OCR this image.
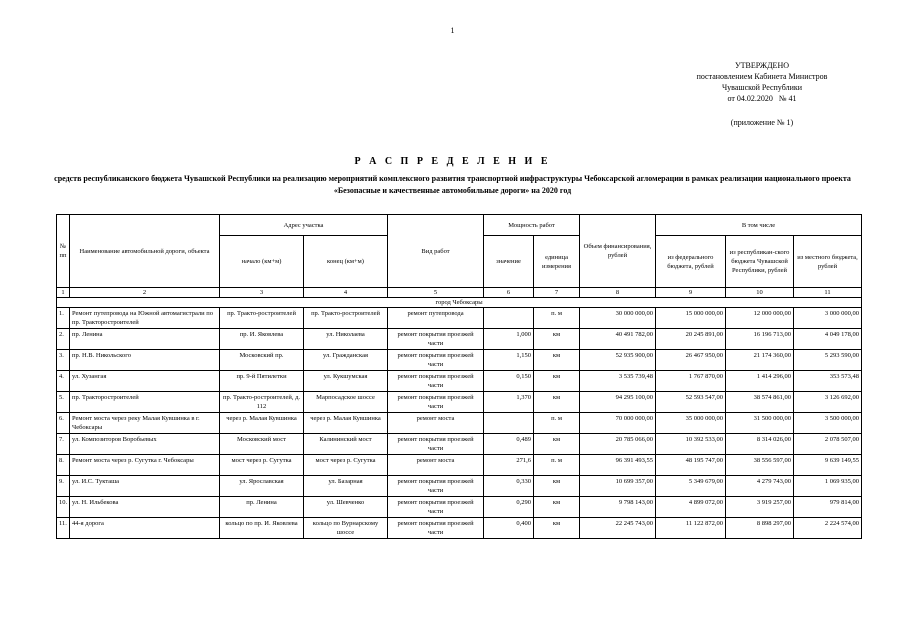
1
УТВЕРЖДЕНО
постановлением Кабинета Министров
Чувашской Республики
от 04.02.2020   № 41
(приложение № 1)
Р А С П Р Е Д Е Л Е Н И Е
средств республиканского бюджета Чувашской Республики на реализацию мероприятий комплексного развития транспортной инфраструктуры Чебоксарской агломерации в рамках реализации национального проекта «Безопасные и качественные автомобильные дороги» на 2020 год
№ пп	Наименование автомобильной дороги, объекта	Адрес участка		Вид работ	Мощность работ		Объем финансирования, рублей	В том числе		
		начало (км+м)	конец (км+м)		значение	единица измерения		из федерального бюджета, рублей	из республикан-ского бюджета Чувашской Республики, рублей	из местного бюджета, рублей
1	2	3	4	5	6	7	8	9	10	11
город Чебоксары										
1.	Ремонт путепровода на Южной автомагистрали по пр. Тракторостроителей	пр. Тракто-ростроителей	пр. Тракто-ростроителей	ремонт путепровода		п. м	30 000 000,00	15 000 000,00	12 000 000,00	3 000 000,00
2.	пр. Ленина	пр. И. Яковлева	ул. Николаева	ремонт покрытия проезжей части	1,000	км	40 491 782,00	20 245 891,00	16 196 713,00	4 049 178,00
3.	пр. Н.В. Никольского	Московский пр.	ул. Гражданская	ремонт покрытия проезжей части	1,150	км	52 935 900,00	26 467 950,00	21 174 360,00	5 293 590,00
4.	ул. Хузангая	пр. 9-й Пятилетки	ул. Кукшумская	ремонт покрытия проезжей части	0,150	км	3 535 739,48	1 767 870,00	1 414 296,00	353 573,48
5.	пр. Тракторостроителей	пр. Тракто-ростроителей, д. 112	Марпосадское шоссе	ремонт покрытия проезжей части	1,370	км	94 295 100,00	52 593 547,00	38 574 861,00	3 126 692,00
6.	Ремонт моста через реку Малая Кувшинка в г. Чебоксары	через р. Малая Кувшинка	через р. Малая Кувшинка	ремонт моста		п. м	70 000 000,00	35 000 000,00	31 500 000,00	3 500 000,00
7.	ул. Композиторов Воробьевых	Московский мост	Калининский мост	ремонт покрытия проезжей части	0,489	км	20 785 066,00	10 392 533,00	8 314 026,00	2 078 507,00
8.	Ремонт моста через р. Сугутка г. Чебоксары	мост через р. Сугутка	мост через р. Сугутка	ремонт моста	271,6	п. м	96 391 493,55	48 195 747,00	38 556 597,00	9 639 149,55
9.	ул. И.С. Тукташа	ул. Ярославская	ул. Базарная	ремонт покрытия проезжей части	0,330	км	10 699 357,00	5 349 679,00	4 279 743,00	1 069 935,00
10.	ул. Н. Ильбекова	пр. Ленина	ул. Шевченко	ремонт покрытия проезжей части	0,290	км	9 798 143,00	4 899 072,00	3 919 257,00	979 814,00
11.	44-я дорога	кольцо по пр. И. Яковлева	кольцо по Вурнарскому шоссе	ремонт покрытия проезжей части	0,400	км	22 245 743,00	11 122 872,00	8 898 297,00	2 224 574,00
